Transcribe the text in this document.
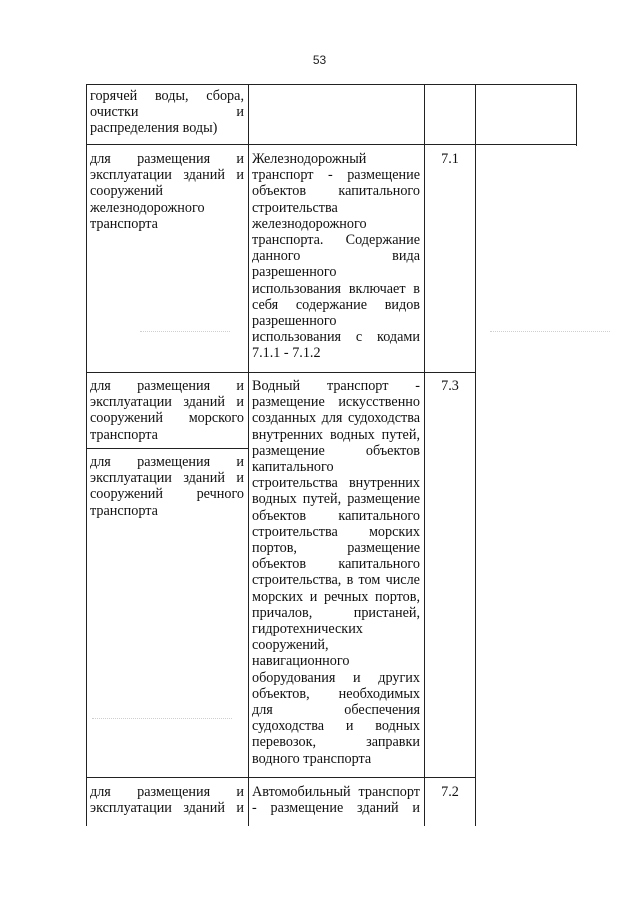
53
горячей воды, сбора,
очистки и
распределения воды)
для размещения и
эксплуатации зданий и
сооружений
железнодорожного
транспорта
Железнодорожный
транспорт - размещение
объектов капитального
строительства
железнодорожного
транспорта. Содержание
данного вида
разрешенного
использования включает в
себя содержание видов
разрешенного
использования с кодами
7.1.1 - 7.1.2
7.1
для размещения и
эксплуатации зданий и
сооружений морского
транспорта
для размещения и
эксплуатации зданий и
сооружений речного
транспорта
Водный транспорт -
размещение искусственно
созданных для судоходства
внутренних водных путей,
размещение объектов
капитального
строительства внутренних
водных путей, размещение
объектов капитального
строительства морских
портов, размещение
объектов капитального
строительства, в том числе
морских и речных портов,
причалов, пристаней,
гидротехнических
сооружений,
навигационного
оборудования и других
объектов, необходимых
для обеспечения
судоходства и водных
перевозок, заправки
водного транспорта
7.3
для размещения и
эксплуатации зданий и
Автомобильный транспорт
- размещение зданий и
7.2
